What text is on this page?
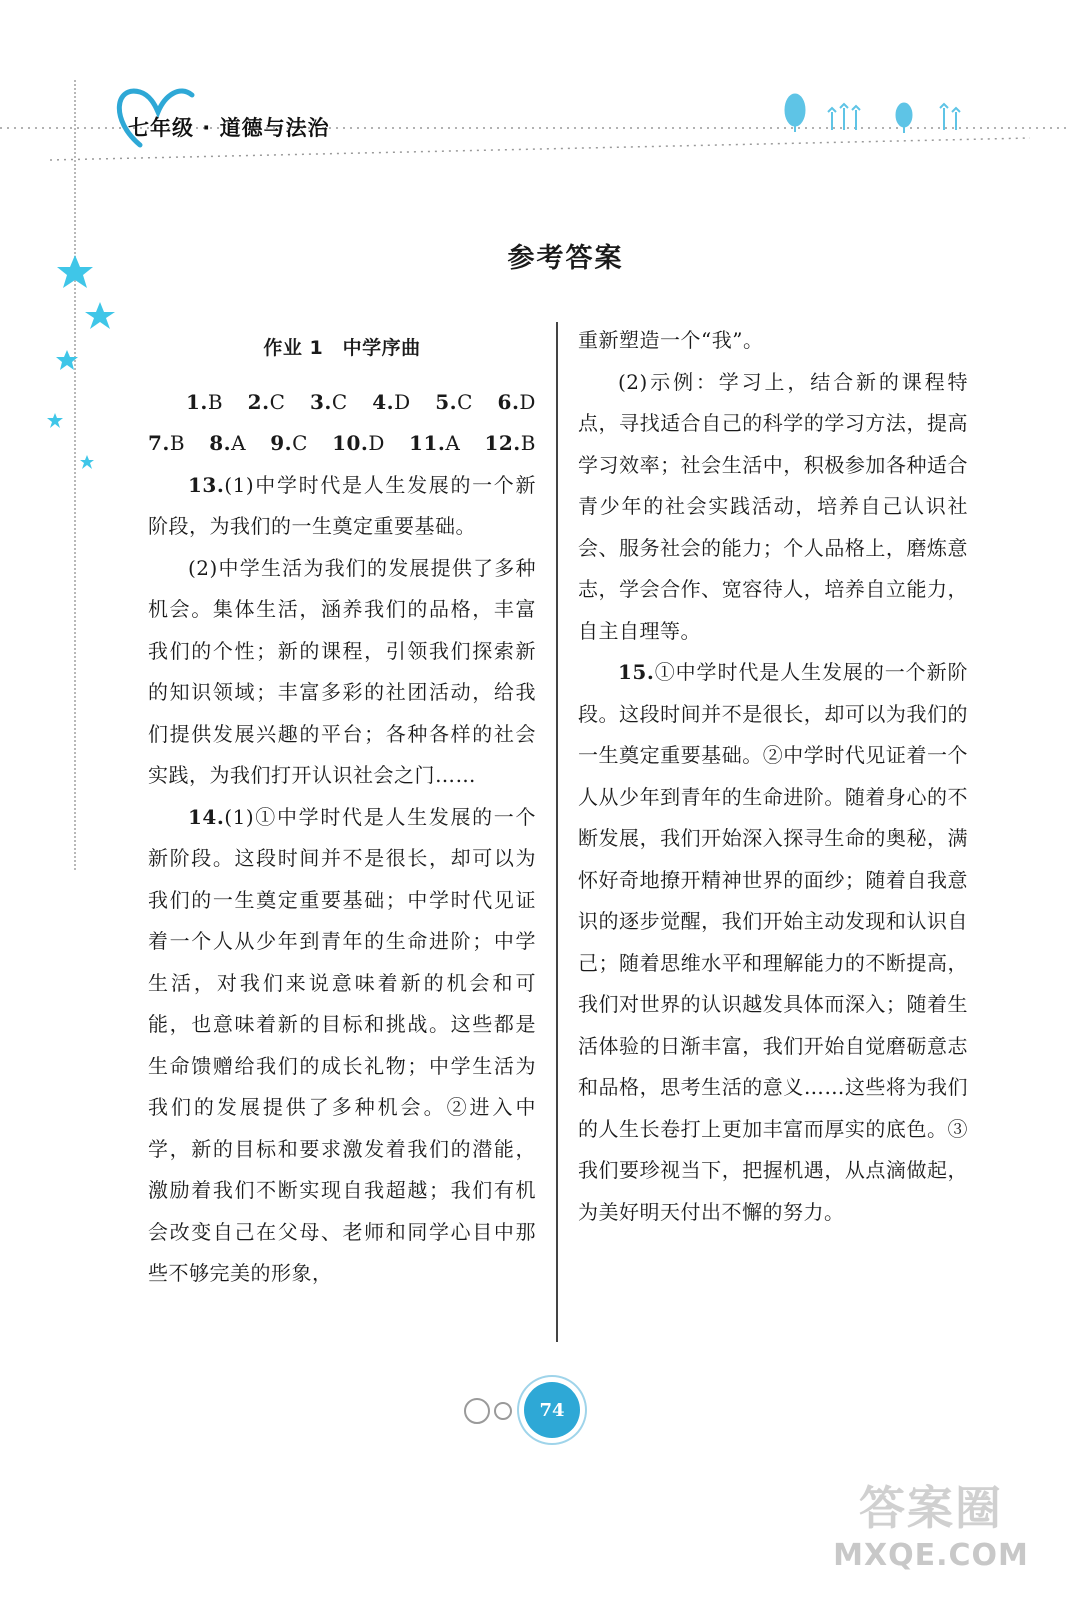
七年级 · 道德与法治
参考答案

作业 1　中学序曲

1.B 2.C 3.C 4.D 5.C 6.D
7.B 8.A 9.C 10.D 11.A 12.B

13.(1)中学时代是人生发展的一个新阶段，为我们的一生奠定重要基础。

(2)中学生活为我们的发展提供了多种机会。集体生活，涵养我们的品格，丰富我们的个性；新的课程，引领我们探索新的知识领域；丰富多彩的社团活动，给我们提供发展兴趣的平台；各种各样的社会实践，为我们打开认识社会之门……

14.(1)①中学时代是人生发展的一个新阶段。这段时间并不是很长，却可以为我们的一生奠定重要基础；中学时代见证着一个人从少年到青年的生命进阶；中学生活，对我们来说意味着新的机会和可能，也意味着新的目标和挑战。这些都是生命馈赠给我们的成长礼物；中学生活为我们的发展提供了多种机会。②进入中学，新的目标和要求激发着我们的潜能，激励着我们不断实现自我超越；我们有机会改变自己在父母、老师和同学心目中那些不够完美的形象，

重新塑造一个“我”。

(2)示例：学习上，结合新的课程特点，寻找适合自己的科学的学习方法，提高学习效率；社会生活中，积极参加各种适合青少年的社会实践活动，培养自己认识社会、服务社会的能力；个人品格上，磨炼意志，学会合作、宽容待人，培养自立能力，自主自理等。

15.①中学时代是人生发展的一个新阶段。这段时间并不是很长，却可以为我们的一生奠定重要基础。②中学时代见证着一个人从少年到青年的生命进阶。随着身心的不断发展，我们开始深入探寻生命的奥秘，满怀好奇地撩开精神世界的面纱；随着自我意识的逐步觉醒，我们开始主动发现和认识自己；随着思维水平和理解能力的不断提高，我们对世界的认识越发具体而深入；随着生活体验的日渐丰富，我们开始自觉磨砺意志和品格，思考生活的意义……这些将为我们的人生长卷打上更加丰富而厚实的底色。③我们要珍视当下，把握机遇，从点滴做起，为美好明天付出不懈的努力。

74
答案圈
MXQE.COM
